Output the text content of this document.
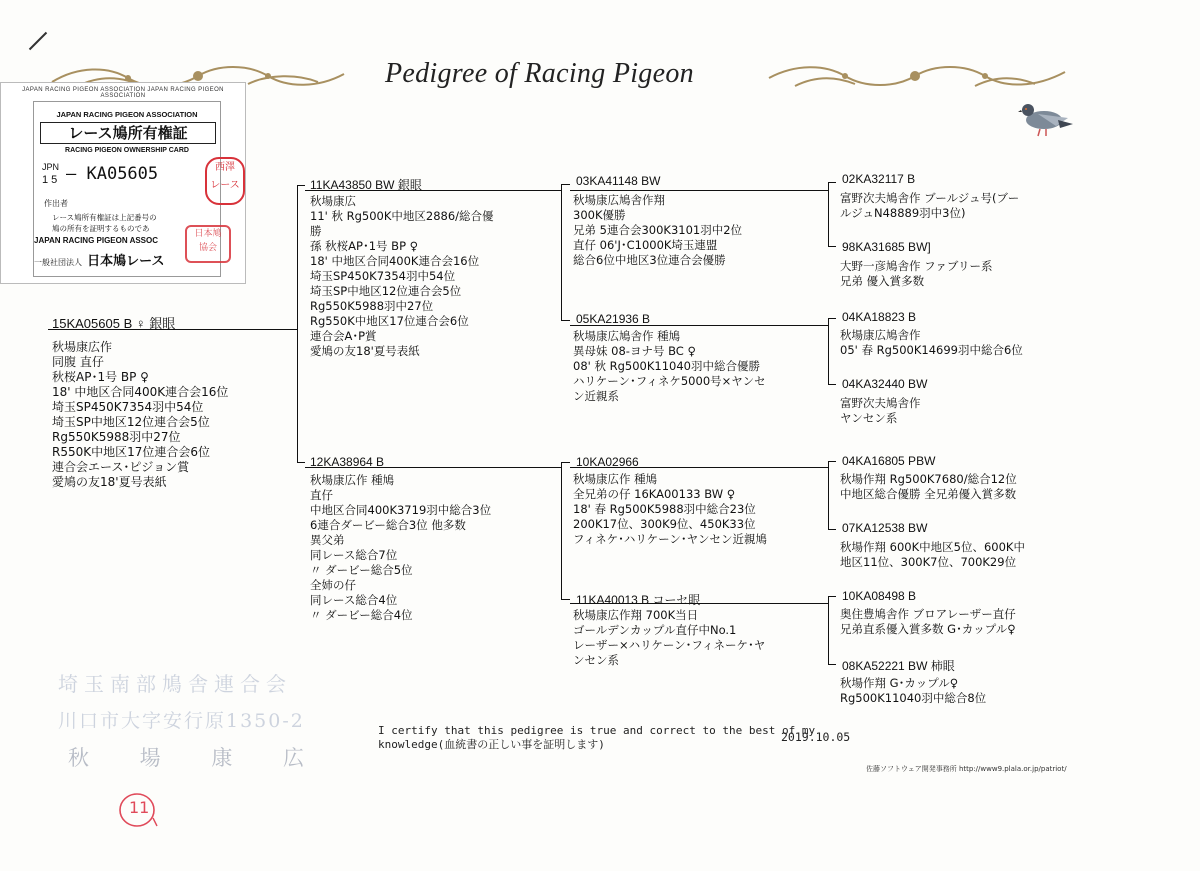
Pedigree of Racing Pigeon
JAPAN RACING PIGEON ASSOCIATION JAPAN RACING PIGEON ASSOCIATION
JAPAN RACING PIGEON ASSOCIATION
レース鳩所有権証
RACING PIGEON OWNERSHIP CARD
JPN
1 5 – KA05605
作出者
レース鳩所有権証は上記番号の
鳩の所有を証明するものであ
JAPAN RACING PIGEON ASSOC
一般社団法人 日本鳩レース
西澤
レース
日本鳩
協会
15KA05605 B ♀ 銀眼
秋場康広作
同腹 直仔
秋桜AP･1号 BP ♀
18' 中地区合同400K連合会16位
埼玉SP450K7354羽中54位
埼玉SP中地区12位連合会5位
Rg550K5988羽中27位
R550K中地区17位連合会6位
連合会エース･ピジョン賞
愛鳩の友18'夏号表紙
11KA43850 BW 銀眼
秋場康広
11' 秋 Rg500K中地区2886/総合優
勝
孫 秋桜AP･1号 BP ♀
18' 中地区合同400K連合会16位
埼玉SP450K7354羽中54位
埼玉SP中地区12位連合会5位
Rg550K5988羽中27位
Rg550K中地区17位連合会6位
連合会A･P賞
愛鳩の友18'夏号表紙
12KA38964 B
秋場康広作 種鳩
直仔
中地区合同400K3719羽中総合3位
6連合ダービー総合3位 他多数
異父弟
同レース総合7位
〃 ダービー総合5位
全姉の仔
同レース総合4位
〃 ダービー総合4位
03KA41148 BW
秋場康広鳩舎作翔
300K優勝
兄弟 5連合会300K3101羽中2位
直仔 06'J･C1000K埼玉連盟
総合6位中地区3位連合会優勝
05KA21936 B
秋場康広鳩舎作 種鳩
異母妹 08-ヨナ号 BC ♀
08' 秋 Rg500K11040羽中総合優勝
ハリケーン･フィネケ5000号×ヤンセ
ン近親系
10KA02966
秋場康広作 種鳩
全兄弟の仔 16KA00133 BW ♀
18' 春 Rg500K5988羽中総合23位
200K17位、300K9位、450K33位
フィネケ･ハリケーン･ヤンセン近親鳩
11KA40013 B コーセ眼
秋場康広作翔 700K当日
ゴールデンカップル直仔中No.1
レーザー×ハリケーン･フィネーケ･ヤ
ンセン系
02KA32117 B
富野次夫鳩舎作 ブールジュ号(ブー
ルジュN48889羽中3位)
98KA31685 BW]
大野一彦鳩舎作 ファブリー系
兄弟 優入賞多数
04KA18823 B
秋場康広鳩舎作
05' 春 Rg500K14699羽中総合6位
04KA32440 BW
富野次夫鳩舎作
ヤンセン系
04KA16805 PBW
秋場作翔 Rg500K7680/総合12位
中地区総合優勝 全兄弟優入賞多数
07KA12538 BW
秋場作翔 600K中地区5位、600K中
地区11位、300K7位、700K29位
10KA08498 B
奥住豊鳩舎作 ブロアレーザー直仔
兄弟直系優入賞多数 G･カップル♀
08KA52221 BW 柿眼
秋場作翔 G･カップル♀
Rg500K11040羽中総合8位
埼玉南部鳩舎連合会
川口市大字安行原1350-2
秋 場 康 広
I certify that this pedigree is true and correct to the best of my
knowledge(血統書の正しい事を証明します)
2019.10.05
佐藤ソフトウェア開発事務所 http://www9.plala.or.jp/patriot/
11
